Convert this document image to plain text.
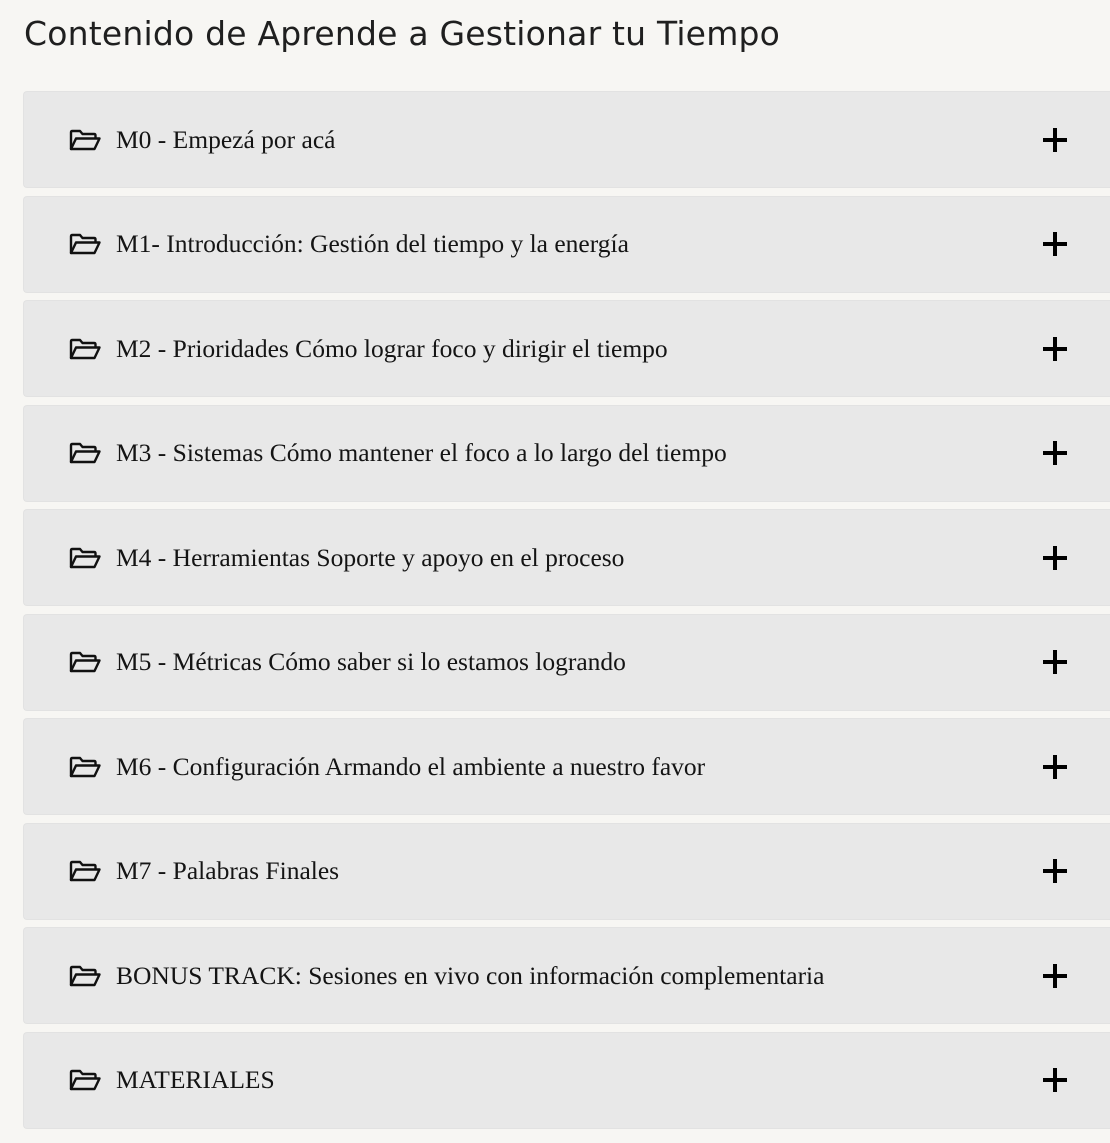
Contenido de Aprende a Gestionar tu Tiempo
M0 - Empezá por acá
M1- Introducción: Gestión del tiempo y la energía
M2 - Prioridades Cómo lograr foco y dirigir el tiempo
M3 - Sistemas Cómo mantener el foco a lo largo del tiempo
M4 - Herramientas Soporte y apoyo en el proceso
M5 - Métricas Cómo saber si lo estamos logrando
M6 - Configuración Armando el ambiente a nuestro favor
M7 - Palabras Finales
BONUS TRACK: Sesiones en vivo con información complementaria
MATERIALES
